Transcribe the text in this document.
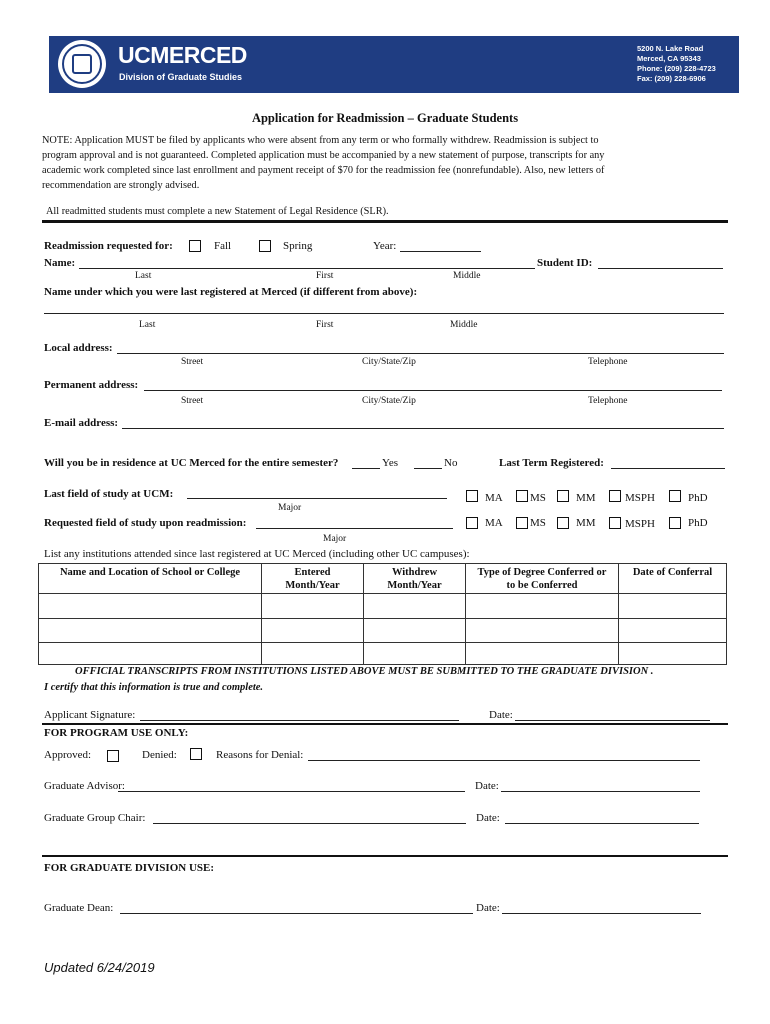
UCMERCED
Division of Graduate Studies
5200 N. Lake Road
Merced, CA 95343
Phone: (209) 228-4723
Fax: (209) 228-6906
Application for Readmission – Graduate Students
NOTE: Application MUST be filed by applicants who were absent from any term or who formally withdrew. Readmission is subject to
program approval and is not guaranteed. Completed application must be accompanied by a new statement of purpose, transcripts for any
academic work completed since last enrollment and payment receipt of $70 for the readmission fee (nonrefundable). Also, new letters of
recommendation are strongly advised.
All readmitted students must complete a new Statement of Legal Residence (SLR).
Readmission requested for:	Fall	Spring	Year:
Name:	Student ID:
Last	First	Middle
Name under which you were last registered at Merced (if different from above):
Last	First	Middle
Local address:
Street	City/State/Zip	Telephone
Permanent address:
Street	City/State/Zip	Telephone
E-mail address:
Will you be in residence at UC Merced for the entire semester?	Yes	No	Last Term Registered:
Last field of study at UCM:
Major
MA MS	MM	MSPH	PhD
Requested field of study upon readmission:
Major
MA MS	MM	MSPH	PhD
List any institutions attended since last registered at UC Merced (including other UC campuses):
Name and Location of School or College	Entered Month/Year	Withdrew Month/Year	Type of Degree Conferred or to be Conferred	Date of Conferral

OFFICIAL TRANSCRIPTS FROM INSTITUTIONS LISTED ABOVE MUST BE SUBMITTED TO THE GRADUATE DIVISION .
I certify that this information is true and complete.
Applicant Signature:	Date:
FOR PROGRAM USE ONLY:
Approved:	Denied:	Reasons for Denial:
Graduate Advisor:	Date:
Graduate Group Chair:	Date:
FOR GRADUATE DIVISION USE:
Graduate Dean:	Date:
Updated 6/24/2019
